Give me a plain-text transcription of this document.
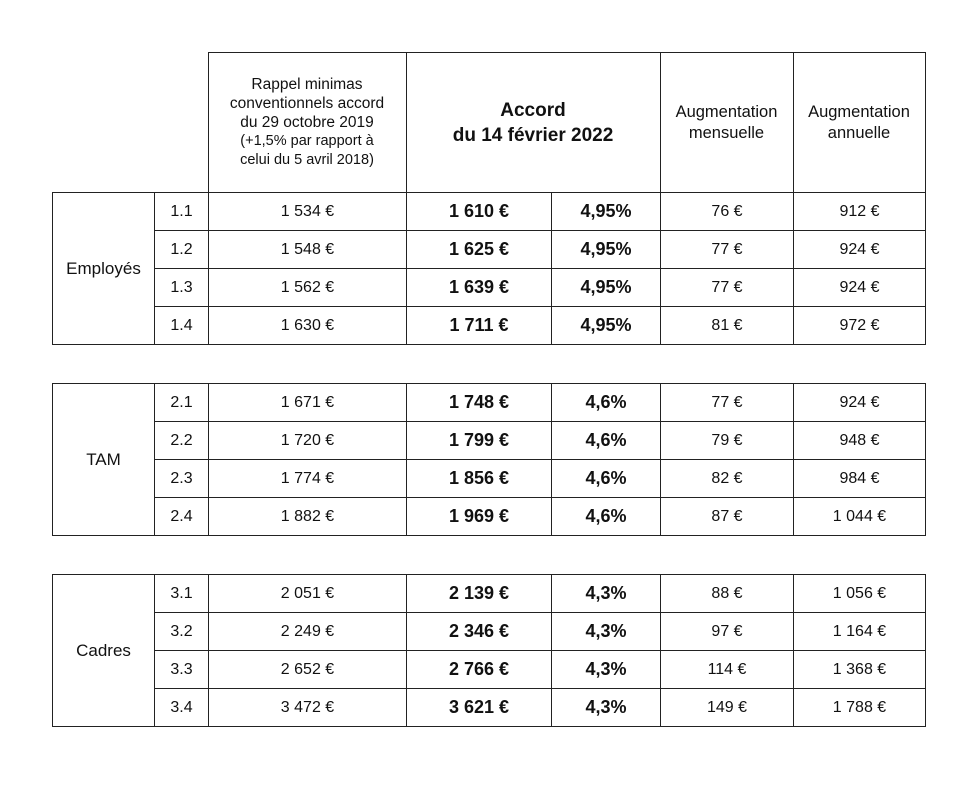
Rappel minimas
conventionnels accord
du 29 octobre 2019
(+1,5% par rapport à
celui du 5 avril 2018)

Accord
du 14 février 2022

Augmentation
mensuelle

Augmentation
annuelle
Employés	1.1	1 534 €	1 610 €	4,95%	76 €	912 €
	1.2	1 548 €	1 625 €	4,95%	77 €	924 €
	1.3	1 562 €	1 639 €	4,95%	77 €	924 €
	1.4	1 630 €	1 711 €	4,95%	81 €	972 €
TAM	2.1	1 671 €	1 748 €	4,6%	77 €	924 €
	2.2	1 720 €	1 799 €	4,6%	79 €	948 €
	2.3	1 774 €	1 856 €	4,6%	82 €	984 €
	2.4	1 882 €	1 969 €	4,6%	87 €	1 044 €
Cadres	3.1	2 051 €	2 139 €	4,3%	88 €	1 056 €
	3.2	2 249 €	2 346 €	4,3%	97 €	1 164 €
	3.3	2 652 €	2 766 €	4,3%	114 €	1 368 €
	3.4	3 472 €	3 621 €	4,3%	149 €	1 788 €
